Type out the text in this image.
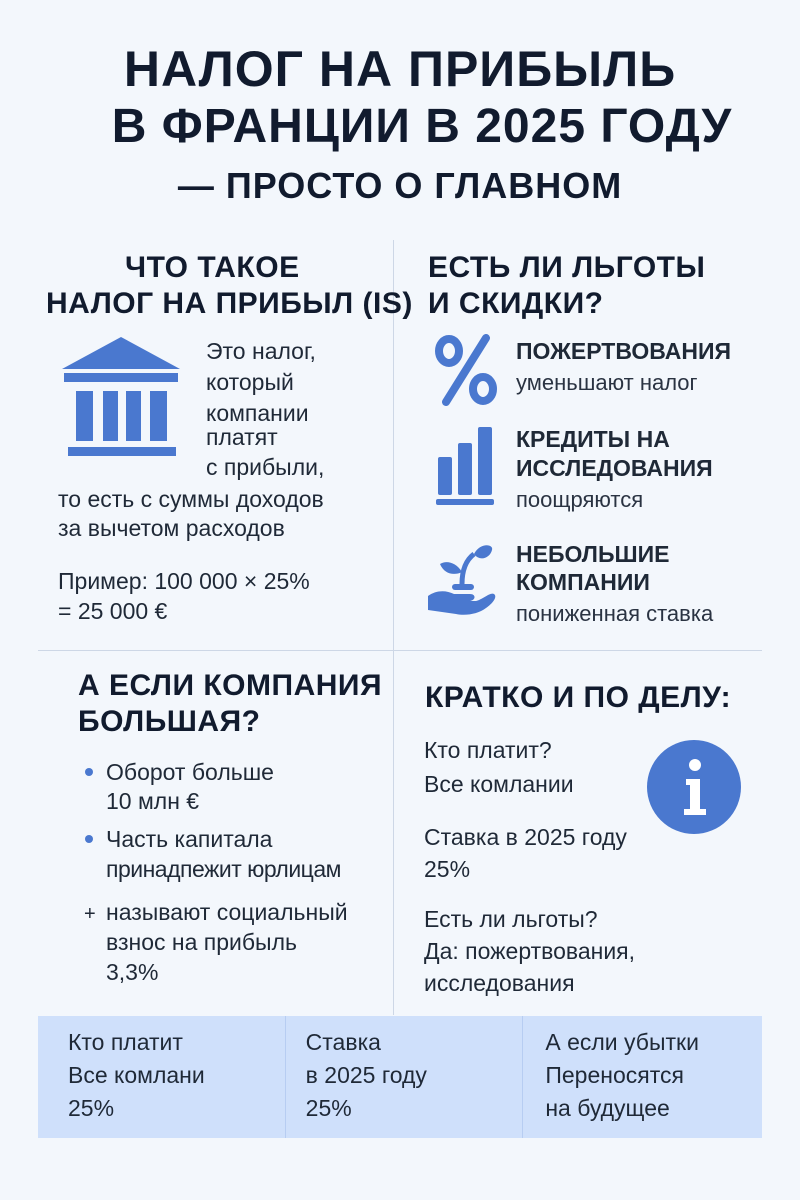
НАЛОГ НА ПРИБЫЛЬ
В ФРАНЦИИ В 2025 ГОДУ
— ПРОСТО О ГЛАВНОМ
ЧТО ТАКОЕ
НАЛОГ НА ПРИБЫЛ (IS)
Это налог,
который
компании
платят
с прибыли,
то есть с суммы доходов
за вычетом расходов
Пример: 100 000 × 25%
= 25 000 €
ЕСТЬ ЛИ ЛЬГОТЫ
И СКИДКИ?
ПОЖЕРТВОВАНИЯ
уменьшают налог
КРЕДИТЫ НА
ИССЛЕДОВАНИЯ
поощряются
НЕБОЛЬШИЕ
КОМПАНИИ
пониженная ставка
А ЕСЛИ КОМПАНИЯ
БОЛЬШАЯ?
Оборот больше
10 млн €
Часть капитала
принадпежит юрлицам
+ называют социальный
взнос на прибыль
3,3%
КРАТКО И ПО ДЕЛУ:
Кто платит?
Все комлании
Ставка в 2025 году
25%
Есть ли льготы?
Да: пожертвования,
исследования
Кто платит
Все комлани
25%
Ставка
в 2025 году
25%
А если убытки
Переносятся
на будущее
